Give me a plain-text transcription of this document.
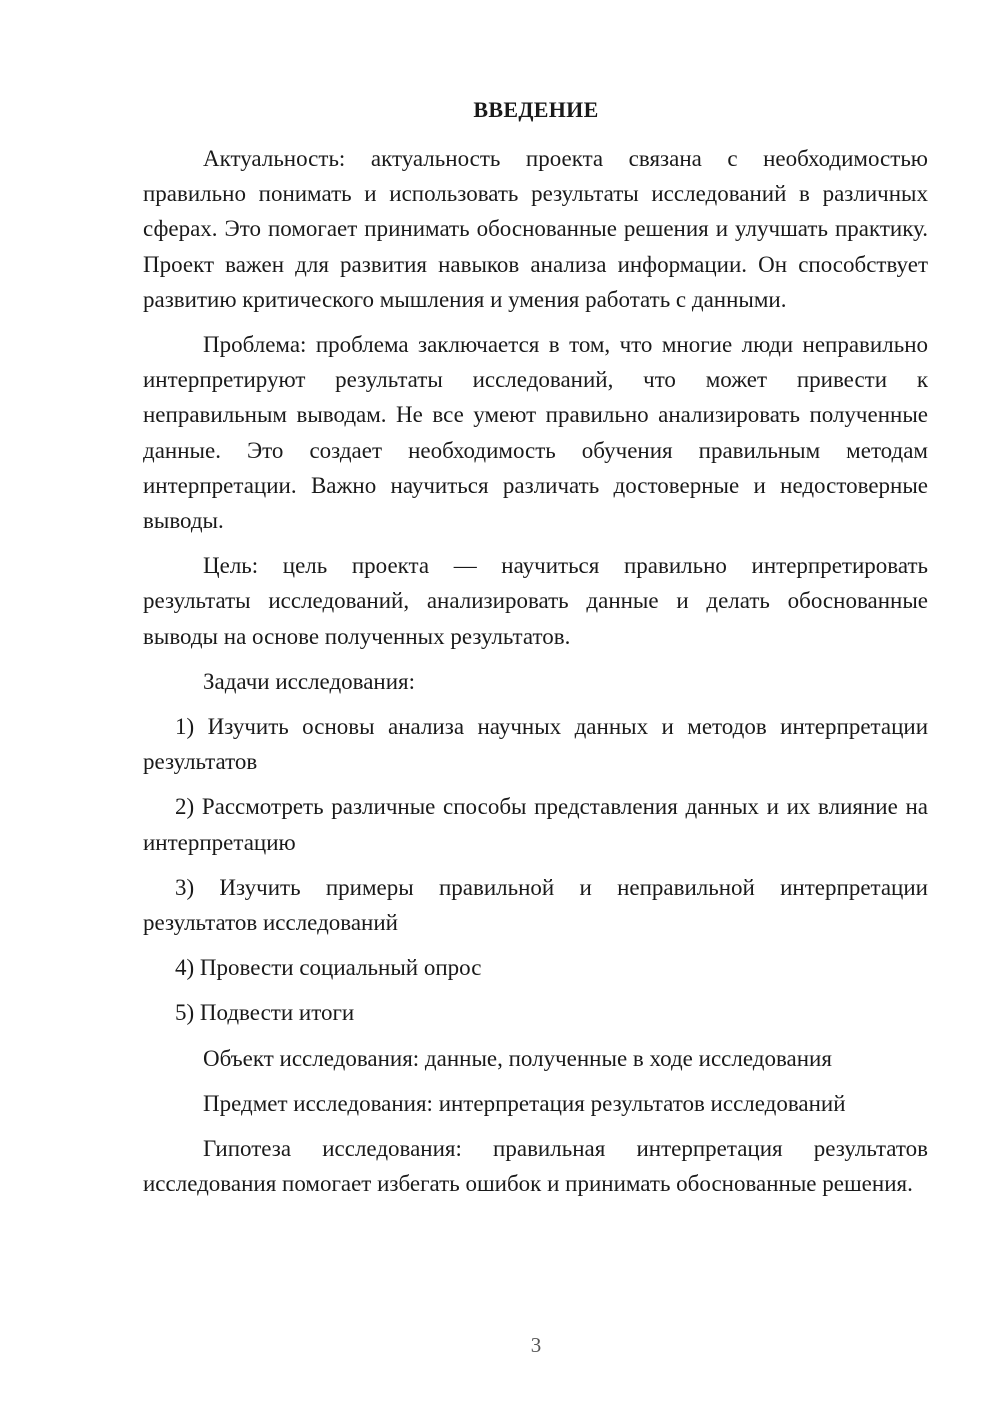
ВВЕДЕНИЕ

Актуальность: актуальность проекта связана с необходимостью правильно понимать и использовать результаты исследований в различных сферах. Это помогает принимать обоснованные решения и улучшать практику. Проект важен для развития навыков анализа информации. Он способствует развитию критического мышления и умения работать с данными.

Проблема: проблема заключается в том, что многие люди неправильно интерпретируют результаты исследований, что может привести к неправильным выводам. Не все умеют правильно анализировать полученные данные. Это создает необходимость обучения правильным методам интерпретации. Важно научиться различать достоверные и недостоверные выводы.

Цель: цель проекта — научиться правильно интерпретировать результаты исследований, анализировать данные и делать обоснованные выводы на основе полученных результатов.

Задачи исследования:

1) Изучить основы анализа научных данных и методов интерпретации результатов

2) Рассмотреть различные способы представления данных и их влияние на интерпретацию

3) Изучить примеры правильной и неправильной интерпретации результатов исследований

4) Провести социальный опрос

5) Подвести итоги

Объект исследования: данные, полученные в ходе исследования

Предмет исследования: интерпретация результатов исследований

Гипотеза исследования: правильная интерпретация результатов исследования помогает избегать ошибок и принимать обоснованные решения.

3
